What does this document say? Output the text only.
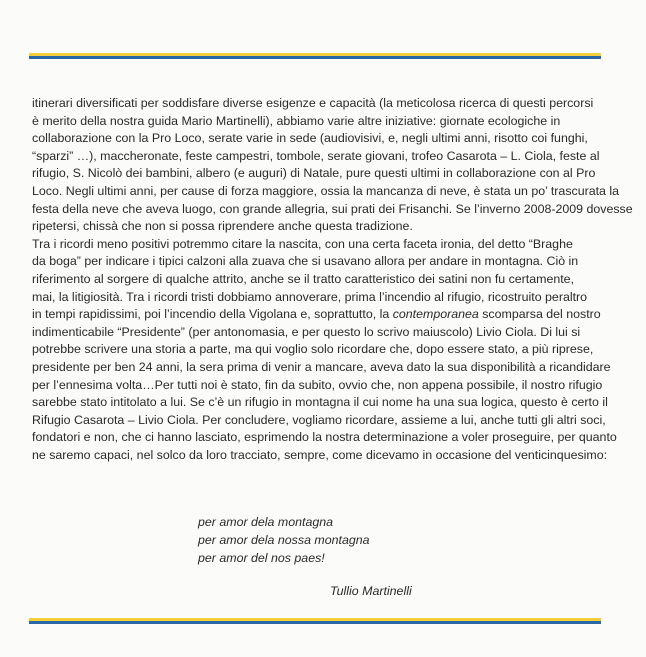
itinerari diversificati per soddisfare diverse esigenze e capacità (la meticolosa ricerca di questi percorsi

è merito della nostra guida Mario Martinelli), abbiamo varie altre iniziative: giornate ecologiche in

collaborazione con la Pro Loco, serate varie in sede (audiovisivi, e, negli ultimi anni, risotto coi funghi,

“sparzi” …), maccheronate, feste campestri, tombole, serate giovani, trofeo Casarota – L. Ciola, feste al

rifugio, S. Nicolò dei bambini, albero (e auguri) di Natale, pure questi ultimi in collaborazione con al Pro

Loco. Negli ultimi anni, per cause di forza maggiore, ossia la mancanza di neve, è stata un po’ trascurata la

festa della neve che aveva luogo, con grande allegria, sui prati dei Frisanchi. Se l’inverno 2008-2009 dovesse

ripetersi, chissà che non si possa riprendere anche questa tradizione.

Tra i ricordi meno positivi potremmo citare la nascita, con una certa faceta ironia, del detto “Braghe

da boga” per indicare i tipici calzoni alla zuava che si usavano allora per andare in montagna. Ciò in

riferimento al sorgere di qualche attrito, anche se il tratto caratteristico dei satini non fu certamente,

mai, la litigiosità. Tra i ricordi tristi dobbiamo annoverare, prima l’incendio al rifugio, ricostruito peraltro

in tempi rapidissimi, poi l’incendio della Vigolana e, soprattutto, la contemporanea scomparsa del nostro

indimenticabile “Presidente” (per antonomasia, e per questo lo scrivo maiuscolo) Livio Ciola. Di lui si

potrebbe scrivere una storia a parte, ma qui voglio solo ricordare che, dopo essere stato, a più riprese,

presidente per ben 24 anni, la sera prima di venir a mancare, aveva dato la sua disponibilità a ricandidare

per l’ennesima volta…Per tutti noi è stato, fin da subito, ovvio che, non appena possibile, il nostro rifugio

sarebbe stato intitolato a lui. Se c’è un rifugio in montagna il cui nome ha una sua logica, questo è certo il

Rifugio Casarota – Livio Ciola. Per concludere, vogliamo ricordare, assieme a lui, anche tutti gli altri soci,

fondatori e non, che ci hanno lasciato, esprimendo la nostra determinazione a voler proseguire, per quanto

ne saremo capaci, nel solco da loro tracciato, sempre, come dicevamo in occasione del venticinquesimo:

per amor dela montagna

per amor dela nossa montagna

per amor del nos paes!

Tullio Martinelli
